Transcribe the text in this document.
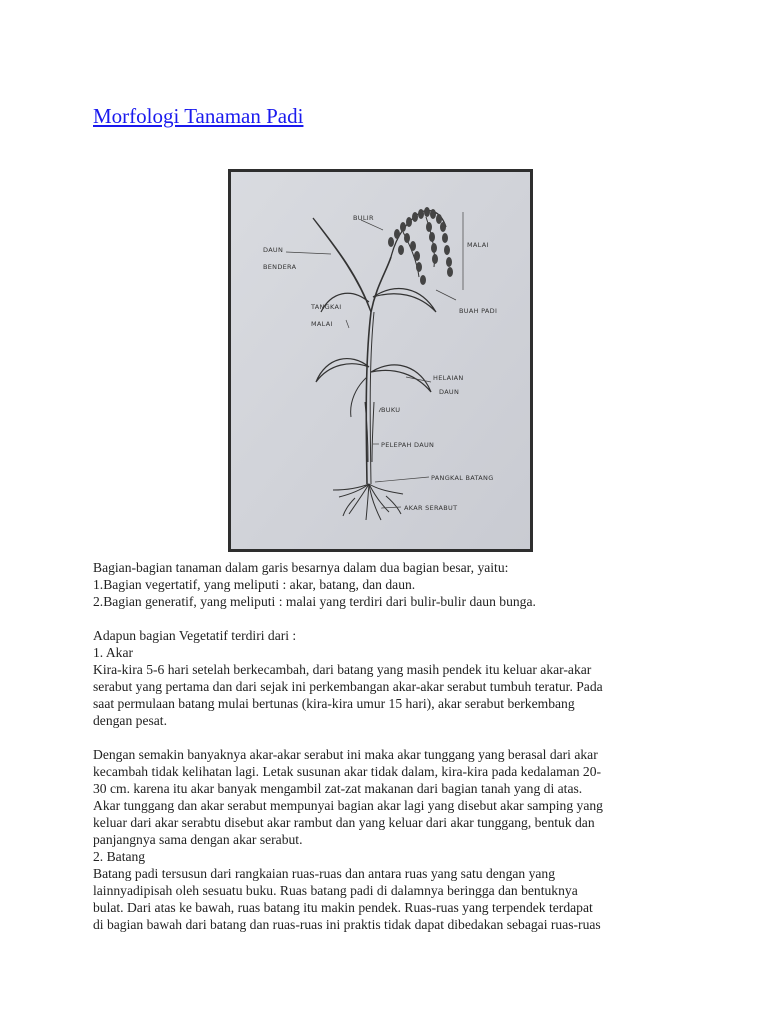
Morfologi Tanaman Padi
BULIR
MALAI
DAUN
BENDERA
TANGKAI
MALAI
BUAH PADI
HELAIAN
DAUN
BUKU
PELEPAH DAUN
PANGKAL BATANG
AKAR SERABUT

Bagian-bagian tanaman dalam garis besarnya dalam dua bagian besar, yaitu:

1.Bagian vegertatif, yang meliputi : akar, batang, dan daun.

2.Bagian generatif, yang meliputi : malai yang terdiri dari bulir-bulir daun bunga.

Adapun bagian Vegetatif terdiri dari :

1. Akar

Kira-kira 5-6 hari setelah berkecambah, dari batang yang masih pendek itu keluar akar-akar

serabut yang pertama dan dari sejak ini perkembangan akar-akar serabut tumbuh teratur. Pada

saat permulaan batang mulai bertunas (kira-kira umur 15 hari), akar serabut berkembang

dengan pesat.

Dengan semakin banyaknya akar-akar serabut ini maka akar tunggang yang berasal dari akar

kecambah tidak kelihatan lagi. Letak susunan akar tidak dalam, kira-kira pada kedalaman 20-

30 cm. karena itu akar banyak mengambil zat-zat makanan dari bagian tanah yang di atas.

Akar tunggang dan akar serabut mempunyai bagian akar lagi yang disebut akar samping yang

keluar dari akar serabtu disebut akar rambut dan yang keluar dari akar tunggang, bentuk dan

panjangnya sama dengan akar serabut.

2. Batang

Batang padi tersusun dari rangkaian ruas-ruas dan antara ruas yang satu dengan yang

lainnyadipisah oleh sesuatu buku. Ruas batang padi di dalamnya beringga dan bentuknya

bulat. Dari atas ke bawah, ruas batang itu makin pendek. Ruas-ruas yang terpendek terdapat

di bagian bawah dari batang dan ruas-ruas ini praktis tidak dapat dibedakan sebagai ruas-ruas
